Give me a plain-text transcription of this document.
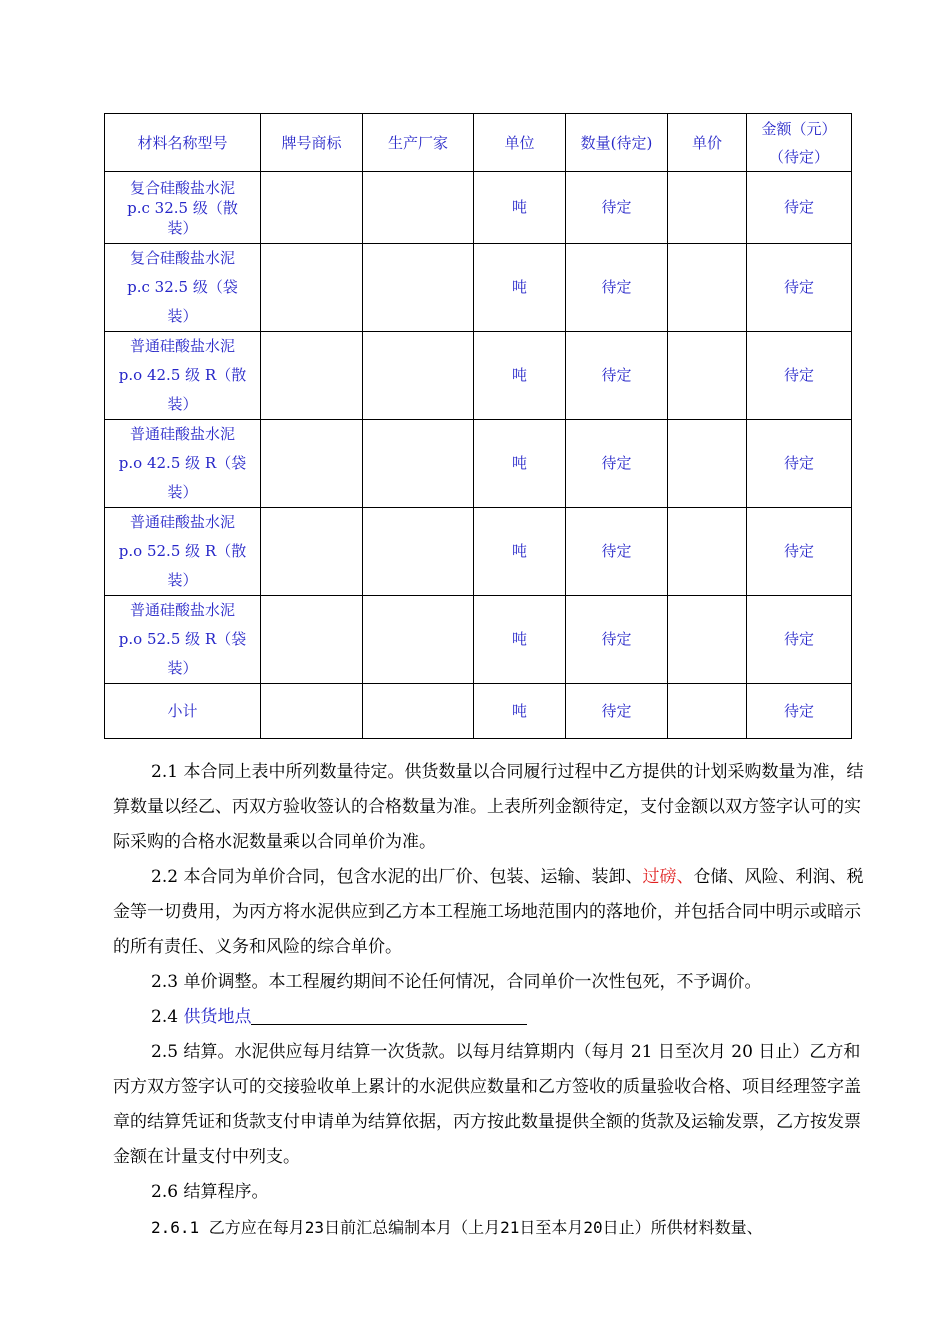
材料名称型号	牌号商标	生产厂家	单位	数量(待定)	单价	金额（元）
（待定）

复合硅酸盐水泥
p.c 32.5 级（散
装）			吨	待定		待定

复合硅酸盐水泥
p.c 32.5 级（袋
装）			吨	待定		待定

普通硅酸盐水泥
p.o 42.5 级 R（散
装）			吨	待定		待定

普通硅酸盐水泥
p.o 42.5 级 R（袋
装）			吨	待定		待定

普通硅酸盐水泥
p.o 52.5 级 R（散
装）			吨	待定		待定

普通硅酸盐水泥
p.o 52.5 级 R（袋
装）			吨	待定		待定
小计			吨	待定		待定

2.1 本合同上表中所列数量待定。供货数量以合同履行过程中乙方提供的计划采购数量为准，结算数量以经乙、丙双方验收签认的合格数量为准。上表所列金额待定，支付金额以双方签字认可的实际采购的合格水泥数量乘以合同单价为准。

2.2 本合同为单价合同，包含水泥的出厂价、包装、运输、装卸、过磅、仓储、风险、利润、税金等一切费用，为丙方将水泥供应到乙方本工程施工场地范围内的落地价，并包括合同中明示或暗示的所有责任、义务和风险的综合单价。

2.3 单价调整。本工程履约期间不论任何情况，合同单价一次性包死，不予调价。

2.4 供货地点

2.5 结算。水泥供应每月结算一次货款。以每月结算期内（每月 21 日至次月 20 日止）乙方和丙方双方签字认可的交接验收单上累计的水泥供应数量和乙方签收的质量验收合格、项目经理签字盖章的结算凭证和货款支付申请单为结算依据，丙方按此数量提供全额的货款及运输发票，乙方按发票金额在计量支付中列支。

2.6 结算程序。

2.6.1 乙方应在每月23日前汇总编制本月（上月21日至本月20日止）所供材料数量、
